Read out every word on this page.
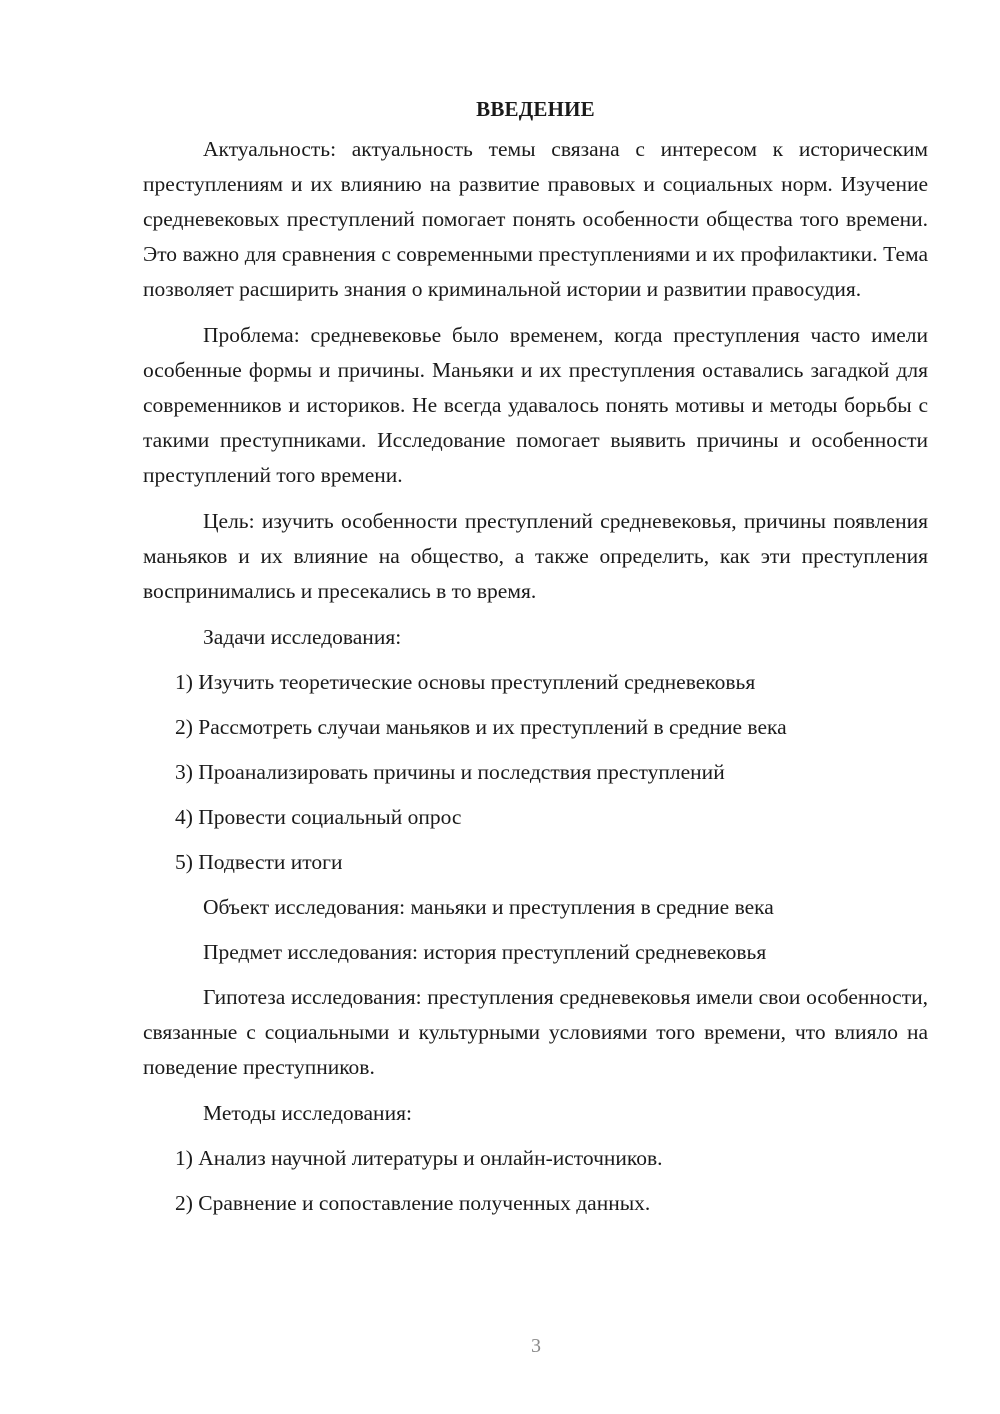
ВВЕДЕНИЕ

Актуальность: актуальность темы связана с интересом к историческим преступлениям и их влиянию на развитие правовых и социальных норм. Изучение средневековых преступлений помогает понять особенности общества того времени. Это важно для сравнения с современными преступлениями и их профилактики. Тема позволяет расширить знания о криминальной истории и развитии правосудия.

Проблема: средневековье было временем, когда преступления часто имели особенные формы и причины. Маньяки и их преступления оставались загадкой для современников и историков. Не всегда удавалось понять мотивы и методы борьбы с такими преступниками. Исследование помогает выявить причины и особенности преступлений того времени.

Цель: изучить особенности преступлений средневековья, причины появления маньяков и их влияние на общество, а также определить, как эти преступления воспринимались и пресекались в то время.

Задачи исследования:
1) Изучить теоретические основы преступлений средневековья
2) Рассмотреть случаи маньяков и их преступлений в средние века
3) Проанализировать причины и последствия преступлений
4) Провести социальный опрос
5) Подвести итоги
Объект исследования: маньяки и преступления в средние века
Предмет исследования: история преступлений средневековья

Гипотеза исследования: преступления средневековья имели свои особенности, связанные с социальными и культурными условиями того времени, что влияло на поведение преступников.

Методы исследования:
1) Анализ научной литературы и онлайн-источников.
2) Сравнение и сопоставление полученных данных.
3
